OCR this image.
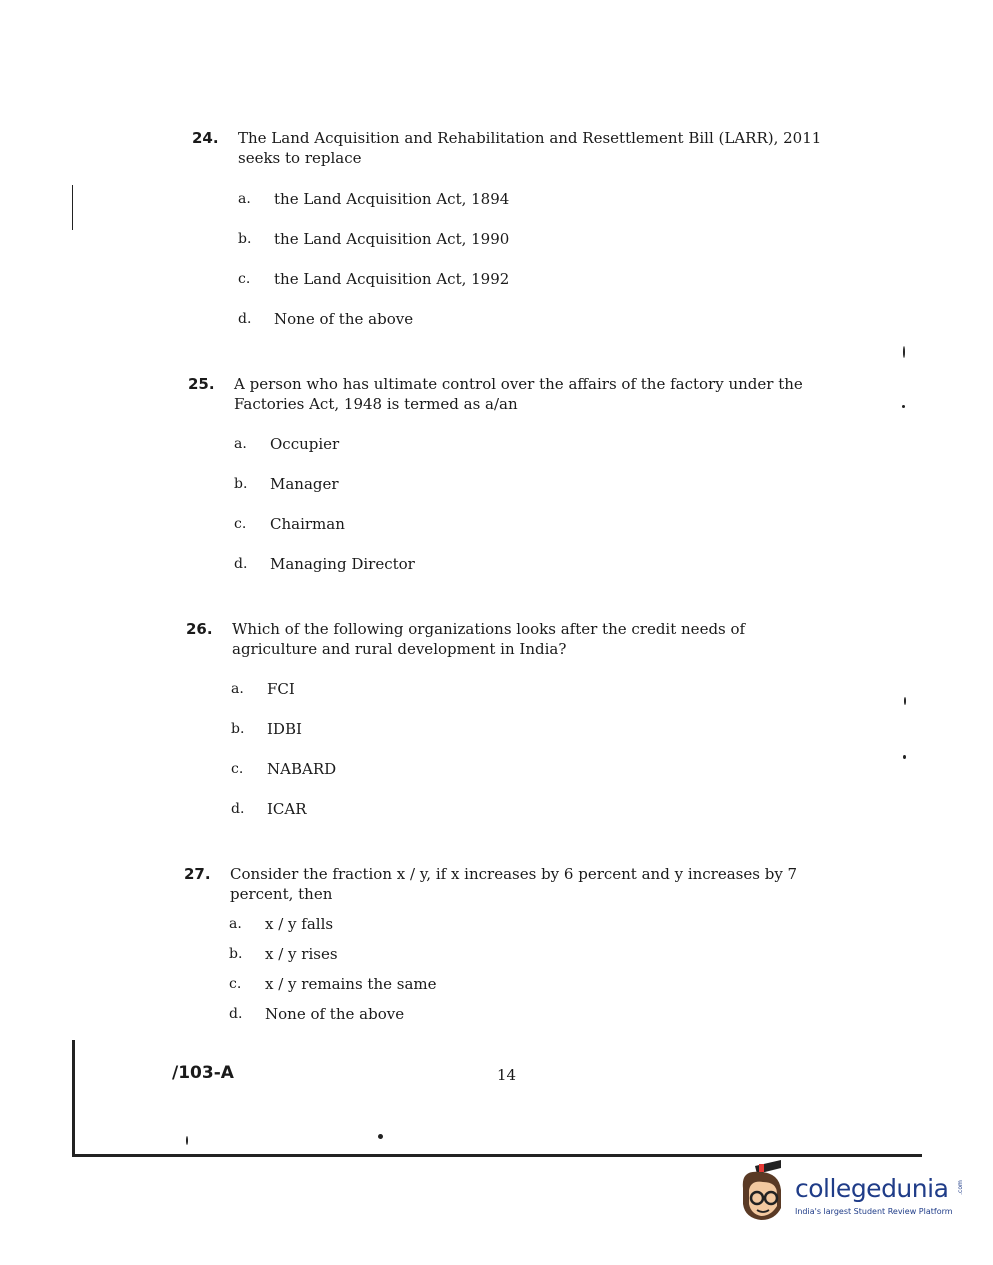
24. The Land Acquisition and Rehabilitation and Resettlement Bill (LARR), 2011 seeks to replace
a. the Land Acquisition Act, 1894
b. the Land Acquisition Act, 1990
c. the Land Acquisition Act, 1992
d. None of the above
25. A person who has ultimate control over the affairs of the factory under the Factories Act, 1948 is termed as a/an
a. Occupier
b. Manager
c. Chairman
d. Managing Director
26. Which of the following organizations looks after the credit needs of agriculture and rural development in India?
a. FCI
b. IDBI
c. NABARD
d. ICAR
27. Consider the fraction x / y, if x increases by 6 percent and y increases by 7 percent, then
a. x / y falls
b. x / y rises
c. x / y remains the same
d. None of the above
/103-A	14
collegedunia .com
India's largest Student Review Platform
